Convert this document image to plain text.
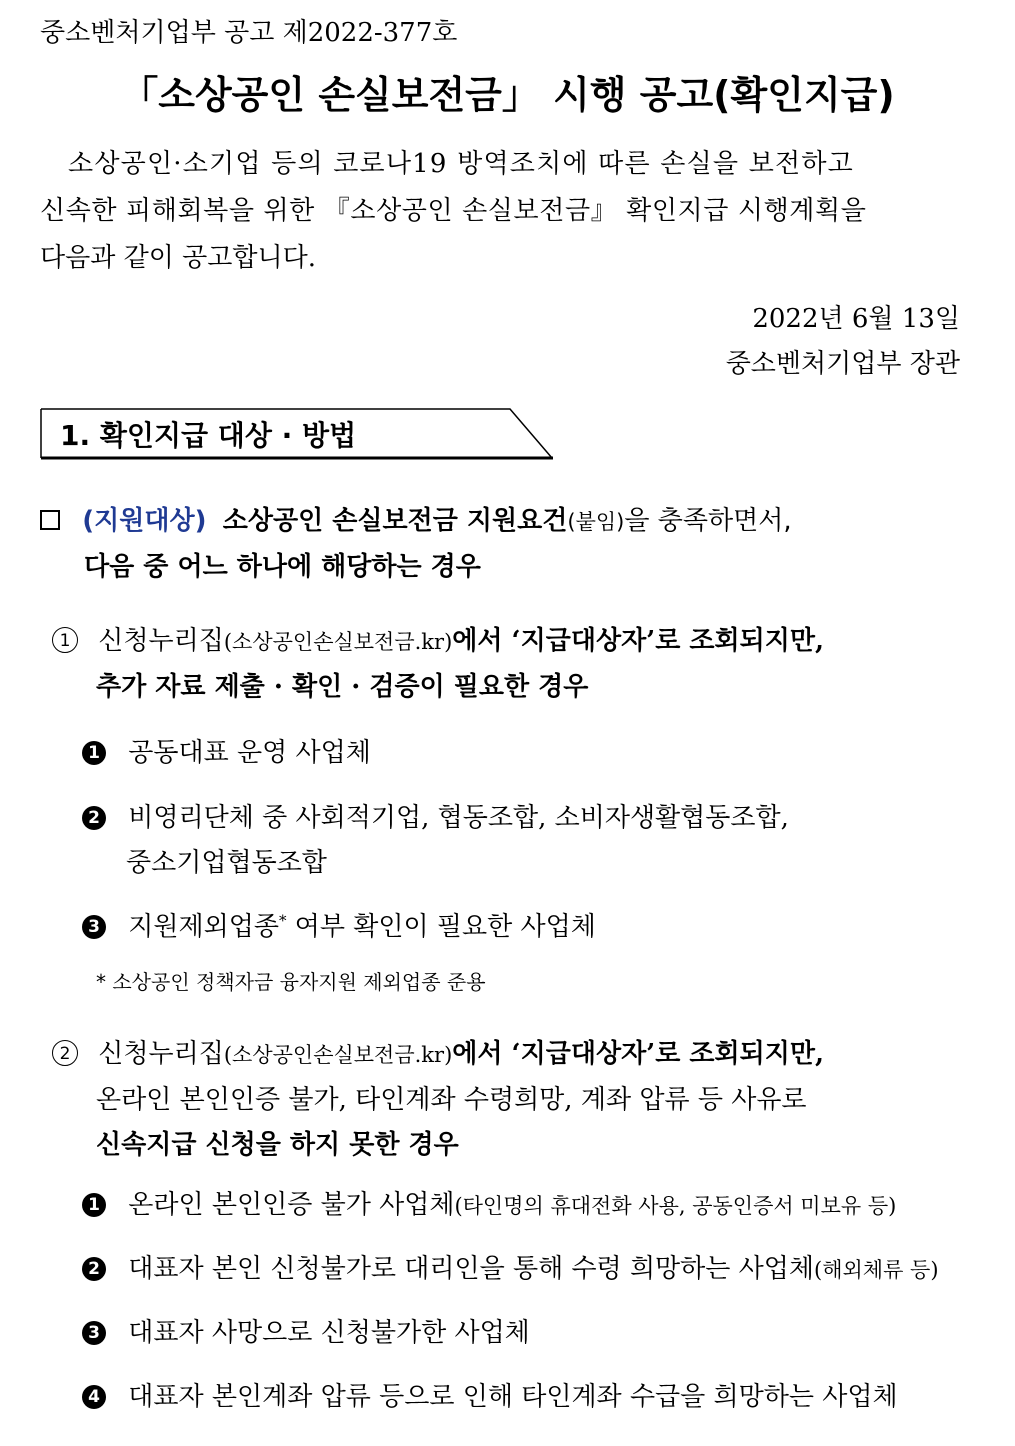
중소벤처기업부 공고 제2022-377호
「소상공인 손실보전금」 시행 공고(확인지급)
소상공인·소기업 등의 코로나19 방역조치에 따른 손실을 보전하고
신속한 피해회복을 위한 『소상공인 손실보전금』 확인지급 시행계획을
다음과 같이 공고합니다.
2022년 6월 13일
중소벤처기업부 장관
1. 확인지급 대상 · 방법
(지원대상) 소상공인 손실보전금 지원요건(붙임)을 충족하면서,
다음 중 어느 하나에 해당하는 경우
1 신청누리집(소상공인손실보전금.kr)에서 ‘지급대상자’로 조회되지만,
추가 자료 제출 · 확인 · 검증이 필요한 경우
1 공동대표 운영 사업체
2 비영리단체 중 사회적기업, 협동조합, 소비자생활협동조합,
중소기업협동조합
3 지원제외업종* 여부 확인이 필요한 사업체
* 소상공인 정책자금 융자지원 제외업종 준용
2 신청누리집(소상공인손실보전금.kr)에서 ‘지급대상자’로 조회되지만,
온라인 본인인증 불가, 타인계좌 수령희망, 계좌 압류 등 사유로
신속지급 신청을 하지 못한 경우
1 온라인 본인인증 불가 사업체(타인명의 휴대전화 사용, 공동인증서 미보유 등)
2 대표자 본인 신청불가로 대리인을 통해 수령 희망하는 사업체(해외체류 등)
3 대표자 사망으로 신청불가한 사업체
4 대표자 본인계좌 압류 등으로 인해 타인계좌 수급을 희망하는 사업체
